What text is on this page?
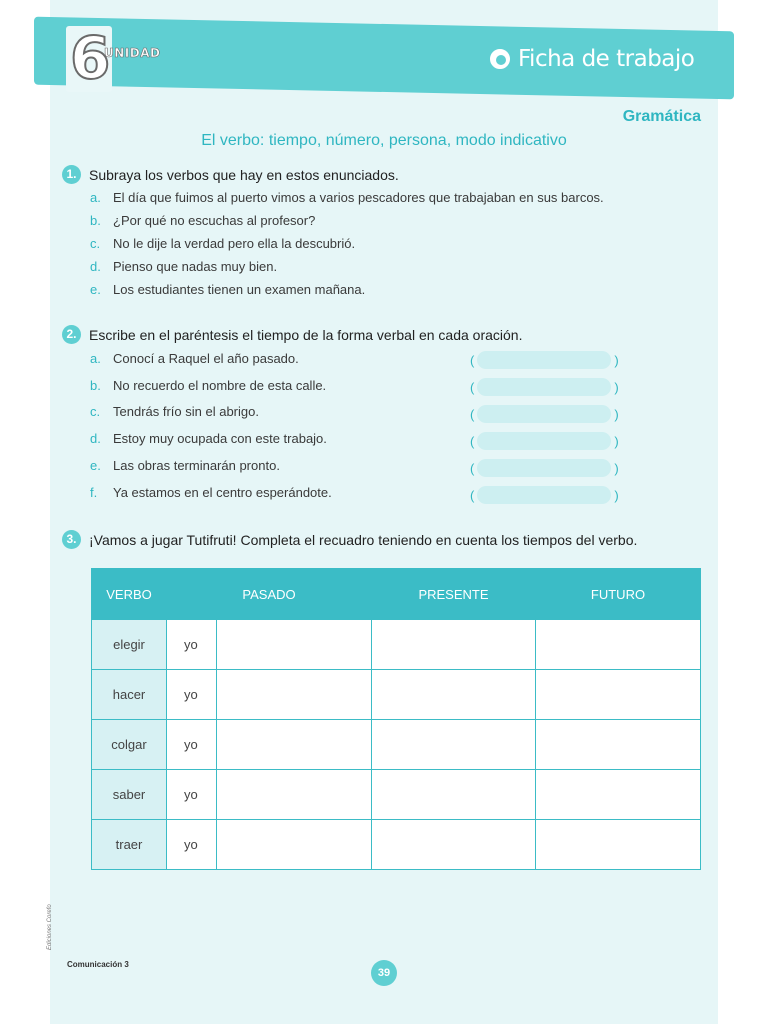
6
UNIDAD	Ficha de trabajo
Gramática
El verbo: tiempo, número, persona, modo indicativo
1. Subraya los verbos que hay en estos enunciados.
a. El día que fuimos al puerto vimos a varios pescadores que trabajaban en sus barcos.
b. ¿Por qué no escuchas al profesor?
c. No le dije la verdad pero ella la descubrió.
d. Pienso que nadas muy bien.
e. Los estudiantes tienen un examen mañana.
2. Escribe en el paréntesis el tiempo de la forma verbal en cada oración.
a. Conocí a Raquel el año pasado.
b. No recuerdo el nombre de esta calle.
c. Tendrás frío sin el abrigo.
d. Estoy muy ocupada con este trabajo.
e. Las obras terminarán pronto.
f. Ya estamos en el centro esperándote.
(	)
(	)
(	)
(	)
(	)
(	)
3. ¡Vamos a jugar Tutifruti! Completa el recuadro teniendo en cuenta los tiempos del verbo.
VERBO	PASADO		PRESENTE	FUTURO
elegir	yo			
hacer	yo			
colgar	yo			
saber	yo			
traer	yo			
Ediciones Corefo
Comunicación 3
39
